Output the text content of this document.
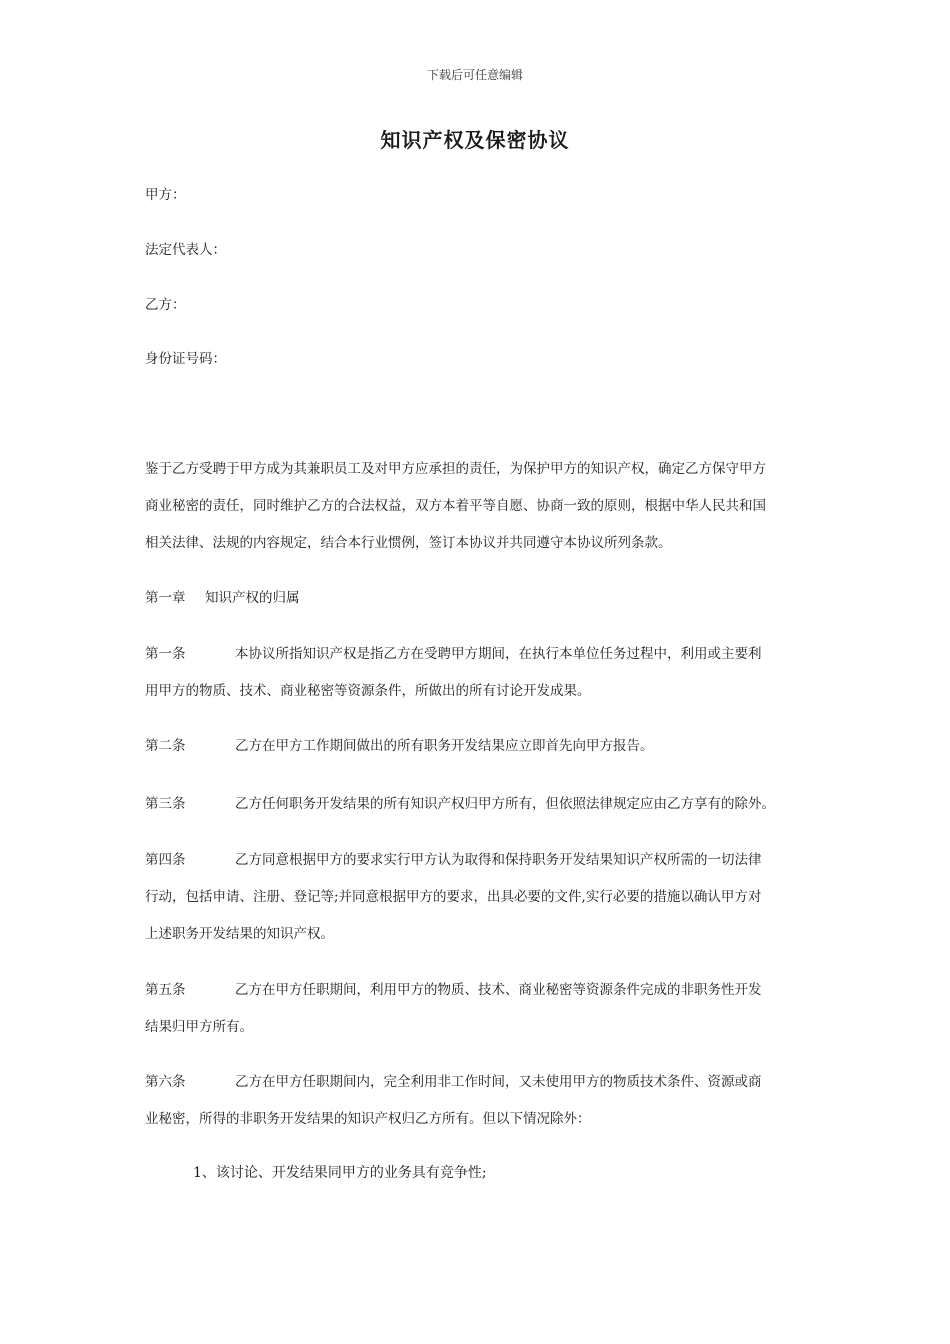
下载后可任意编辑
知识产权及保密协议
甲方：
法定代表人：
乙方：
身份证号码：
鉴于乙方受聘于甲方成为其兼职员工及对甲方应承担的责任，为保护甲方的知识产权，确定乙方保守甲方
商业秘密的责任，同时维护乙方的合法权益，双方本着平等自愿、协商一致的原则，根据中华人民共和国
相关法律、法规的内容规定，结合本行业惯例，签订本协议并共同遵守本协议所列条款。
第一章 知识产权的归属
第一条	本协议所指知识产权是指乙方在受聘甲方期间，在执行本单位任务过程中，利用或主要利
用甲方的物质、技术、商业秘密等资源条件，所做出的所有讨论开发成果。
第二条	乙方在甲方工作期间做出的所有职务开发结果应立即首先向甲方报告。
第三条	乙方任何职务开发结果的所有知识产权归甲方所有，但依照法律规定应由乙方享有的除外。
第四条	乙方同意根据甲方的要求实行甲方认为取得和保持职务开发结果知识产权所需的一切法律
行动，包括申请、注册、登记等;并同意根据甲方的要求，出具必要的文件,实行必要的措施以确认甲方对
上述职务开发结果的知识产权。
第五条	乙方在甲方任职期间，利用甲方的物质、技术、商业秘密等资源条件完成的非职务性开发
结果归甲方所有。
第六条	乙方在甲方任职期间内，完全利用非工作时间，又未使用甲方的物质技术条件、资源或商
业秘密，所得的非职务开发结果的知识产权归乙方所有。但以下情况除外：
1、该讨论、开发结果同甲方的业务具有竞争性;
